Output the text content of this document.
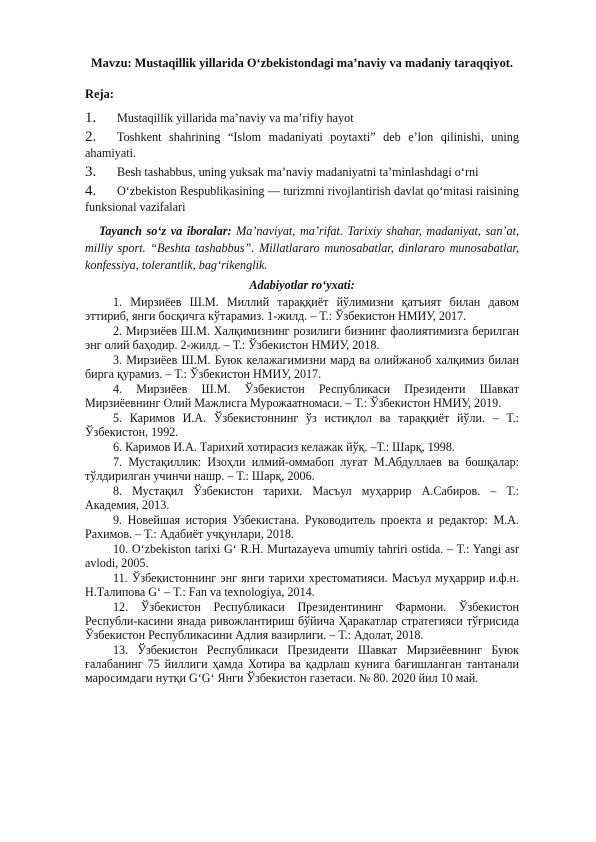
Mavzu: Mustaqillik yillarida O‘zbekistondagi ma’naviy va madaniy taraqqiyot.

Reja:

1. Mustaqillik yillarida ma’naviy va ma’rifiy hayot

2. Toshkent shahrining “Islom madaniyati poytaxti” deb e’lon qilinishi, uning ahamiyati.

3. Besh tashabbus, uning yuksak ma’naviy madaniyatni ta’minlashdagi o‘rni

4. O‘zbekiston Respublikasining — turizmni rivojlantirish davlat qo‘mitasi raisining funksional vazifalari

Tayanch so‘z va iboralar: Ma’naviyat, ma’rifat. Tarixiy shahar, madaniyat, san’at, milliy sport. “Beshta tashabbus”. Millatlararo munosabatlar, dinlararo munosabatlar, konfessiya, tolerantlik, bag‘rikenglik.

Adabiyotlar ro‘yxati:

1. Мирзиёев Ш.М. Миллий тараққиёт йўлимизни қатъият билан давом эттириб, янги босқичга кўтарамиз. 1-жилд. – Т.: Ўзбекистон НМИУ, 2017.

2. Мирзиёев Ш.М. Халқимизнинг розилиги бизнинг фаолиятимизга берилган энг олий баҳодир. 2-жилд. – Т.: Ўзбекистон НМИУ, 2018.

3. Мирзиёев Ш.М. Буюк келажагимизни мард ва олийжаноб халқимиз билан бирга қурамиз. – Т.: Ўзбекистон НМИУ, 2017.

4. Мирзиёев Ш.М. Ўзбекистон Республикаси Президенти Шавкат Мирзиёевнинг Олий Мажлисга Мурожаатномаси. – Т.: Ўзбекистон НМИУ, 2019.

5. Каримов И.А. Ўзбекистоннинг ўз истиқлол ва тараққиёт йўли. – Т.: Ўзбекистон, 1992.

6. Каримов И.А. Тарихий хотирасиз келажак йўқ. –Т.: Шарқ, 1998.

7. Мустақиллик: Изоҳли илмий-оммабоп луғат М.Абдуллаев ва бошқалар: тўлдирилган учинчи нашр. – Т.: Шарқ, 2006.

8. Мустақил Ўзбекистон тарихи. Масъул муҳаррир А.Сабиров. – Т.: Академия, 2013.

9. Новейшая история Узбекистана. Руководитель проекта и редактор: М.А. Рахимов. – Т.: Адабиёт учқунлари, 2018.

10. O‘zbekiston tarixi G‘ R.H. Murtazayeva umumiy tahriri ostida. – T.: Yangi asr avlodi, 2005.

11. Ўзбекистоннинг энг янги тарихи хрестоматияси. Масъул муҳаррир и.ф.н. Н.Талипова G‘ – Т.: Fan va texnologiya, 2014.

12. Ўзбекистон Республикаси Президентининг Фармони. Ўзбекистон Республи-касини янада ривожлантириш бўйича Ҳаракатлар стратегияси тўғрисида Ўзбекистон Республикасини Адлия вазирлиги. – Т.: Адолат, 2018.

13. Ўзбекистон Республикаси Президенти Шавкат Мирзиёевнинг Буюк ғалабанинг 75 йиллиги ҳамда Хотира ва қадрлаш кунига бағишланган тантанали маросимдаги нутқи G‘G‘ Янги Ўзбекистон газетаси. № 80. 2020 йил 10 май.
